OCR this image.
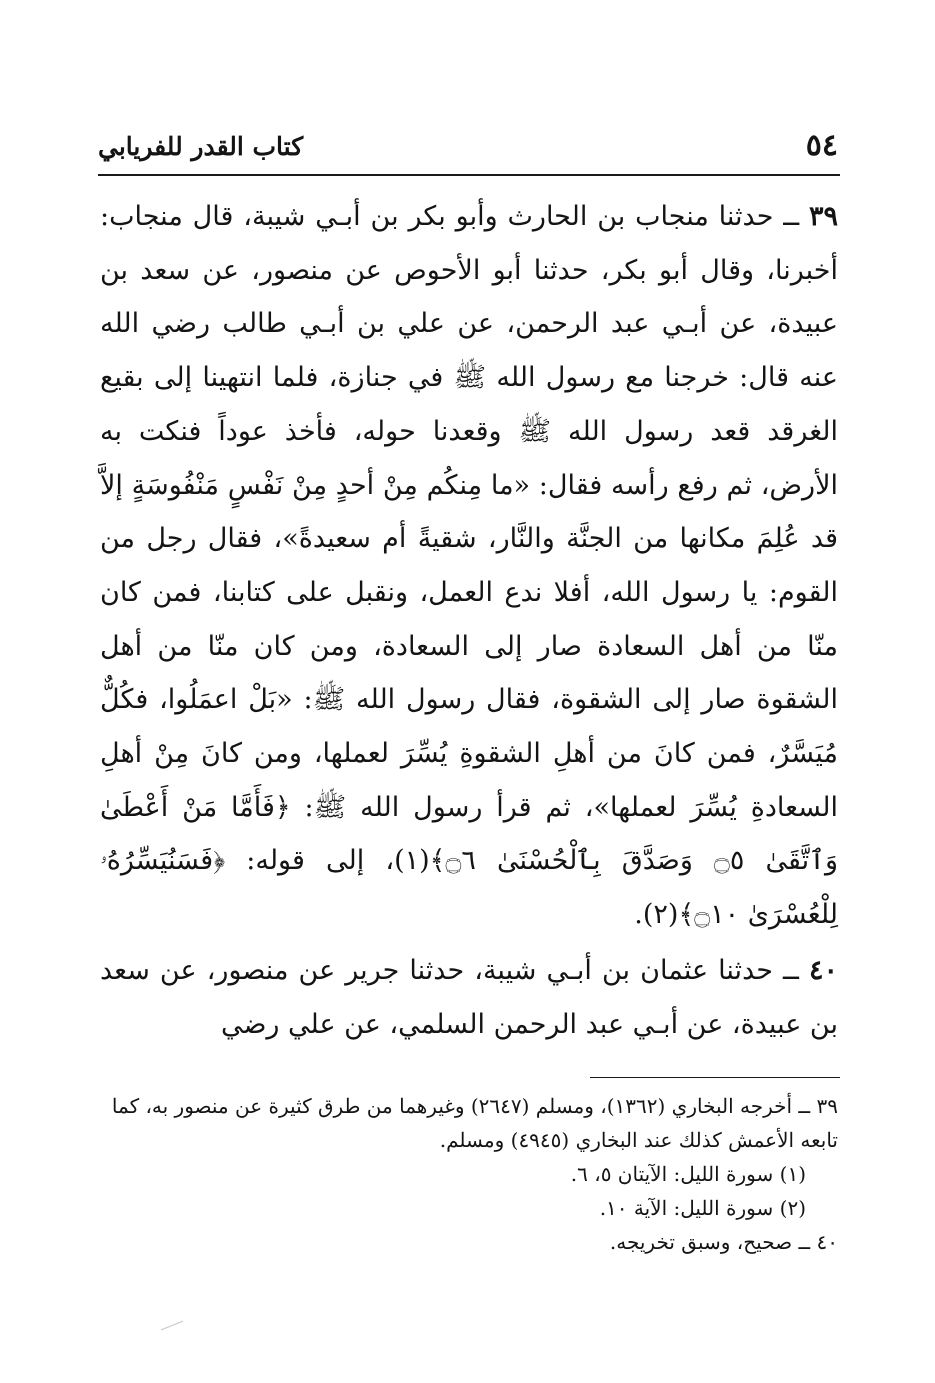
كتاب القدر للفريابي	٥٤
٣٩ ــ حدثنا منجاب بن الحارث وأبو بكر بن أبـي شيبة، قال منجاب: أخبرنا، وقال أبو بكر، حدثنا أبو الأحوص عن منصور، عن سعد بن عبيدة، عن أبـي عبد الرحمن، عن علي بن أبـي طالب رضي الله عنه قال: خرجنا مع رسول الله ﷺ في جنازة، فلما انتهينا إلى بقيع الغرقد قعد رسول الله ﷺ وقعدنا حوله، فأخذ عوداً فنكت به الأرض، ثم رفع رأسه فقال: «ما مِنكُم مِنْ أحدٍ مِنْ نَفْسٍ مَنْفُوسَةٍ إلاَّ قد عُلِمَ مكانها من الجنَّة والنَّار، شقيةً أم سعيدةً»، فقال رجل من القوم: يا رسول الله، أفلا ندع العمل، ونقبل على كتابنا، فمن كان منّا من أهل السعادة صار إلى السعادة، ومن كان منّا من أهل الشقوة صار إلى الشقوة، فقال رسول الله ﷺ: «بَلْ اعمَلُوا، فكُلٌّ مُيَسَّرٌ، فمن كانَ من أهلِ الشقوةِ يُسِّرَ لعملها، ومن كانَ مِنْ أهلِ السعادةِ يُسِّرَ لعملها»، ثم قرأ رسول الله ﷺ: ﴿فَأَمَّا مَنْ أَعْطَىٰ وَٱتَّقَىٰ ۝٥ وَصَدَّقَ بِٱلْحُسْنَىٰ ۝٦﴾(١)، إلى قوله: ﴿فَسَنُيَسِّرُهُۥ لِلْعُسْرَىٰ ۝١٠﴾(٢).
٤٠ ــ حدثنا عثمان بن أبـي شيبة، حدثنا جرير عن منصور، عن سعد بن عبيدة، عن أبـي عبد الرحمن السلمي، عن علي رضي

٣٩ ــ أخرجه البخاري (١٣٦٢)، ومسلم (٢٦٤٧) وغيرهما من طرق كثيرة عن منصور به، كما تابعه الأعمش كذلك عند البخاري (٤٩٤٥) ومسلم.

(١) سورة الليل: الآيتان ٥، ٦.

(٢) سورة الليل: الآية ١٠.

٤٠ ــ صحيح، وسبق تخريجه.
